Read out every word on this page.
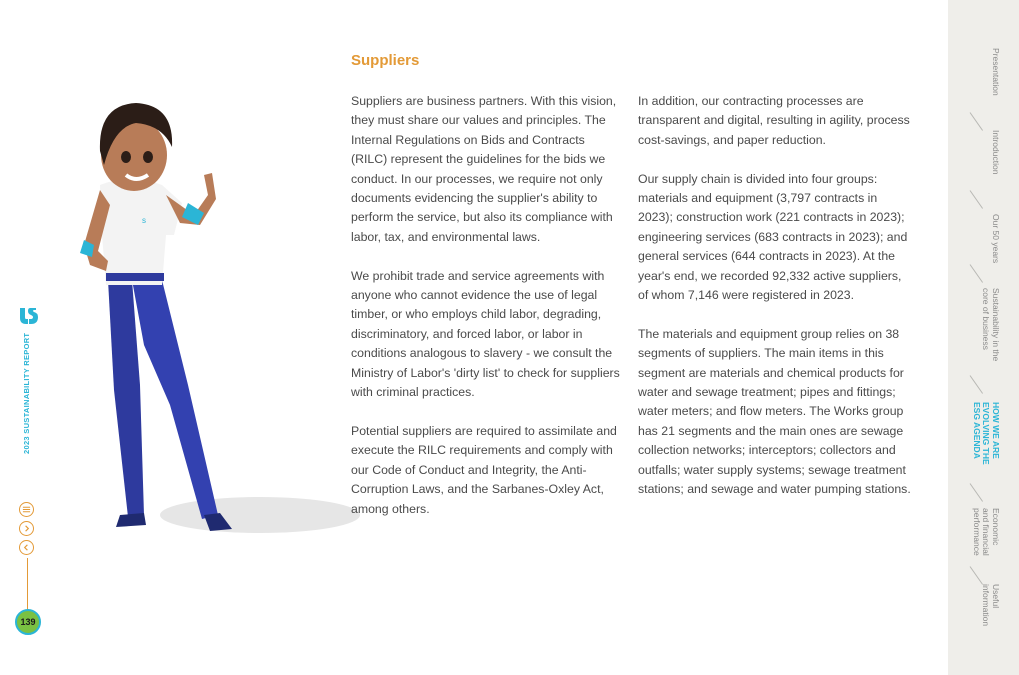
2023 SUSTAINABILITY REPORT
139
s
Suppliers

Suppliers are business partners. With this vision, they must share our values and principles. The Internal Regulations on Bids and Contracts (RILC) represent the guidelines for the bids we conduct. In our processes, we require not only documents evidencing the supplier's ability to perform the service, but also its compliance with labor, tax, and environmental laws.

We prohibit trade and service agreements with anyone who cannot evidence the use of legal timber, or who employs child labor, degrading, discriminatory, and forced labor, or labor in conditions analogous to slavery - we consult the Ministry of Labor's 'dirty list' to check for suppliers with criminal practices.

Potential suppliers are required to assimilate and execute the RILC requirements and comply with our Code of Conduct and Integrity, the Anti-Corruption Laws, and the Sarbanes-Oxley Act, among others.

In addition, our contracting processes are transparent and digital, resulting in agility, process cost-savings, and paper reduction.

Our supply chain is divided into four groups: materials and equipment (3,797 contracts in 2023); construction work (221 contracts in 2023); engineering services (683 contracts in 2023); and general services (644 contracts in 2023). At the year's end, we recorded 92,332 active suppliers, of whom 7,146 were registered in 2023.

The materials and equipment group relies on 38 segments of suppliers. The main items in this segment are materials and chemical products for water and sewage treatment; pipes and fittings; water meters; and flow meters. The Works group has 21 segments and the main ones are sewage collection networks; interceptors; collectors and outfalls; water supply systems; sewage treatment stations; and sewage and water pumping stations.

Presentation
Introduction
Our 50 years
Sustainability in the core of business
HOW WE ARE EVOLVING THE ESG AGENDA
Economic and financial performance
Useful information
